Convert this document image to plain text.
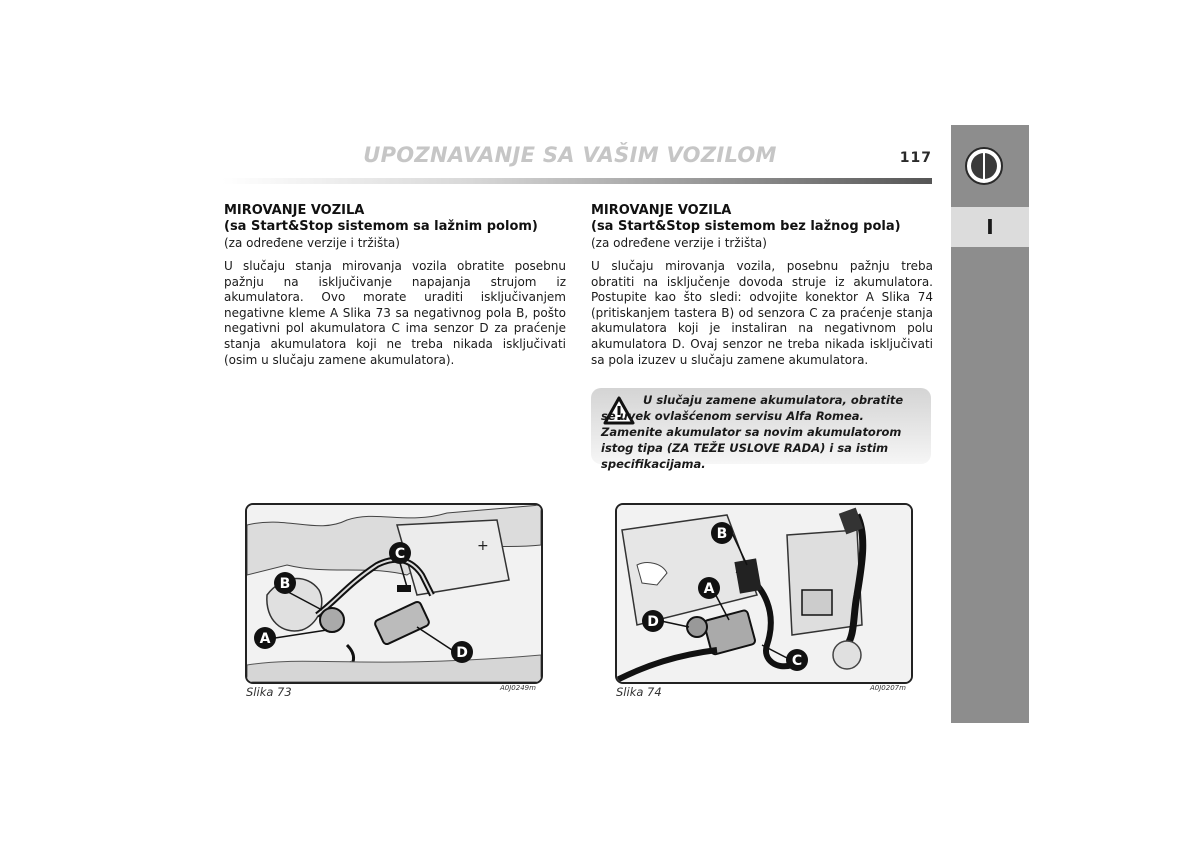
UPOZNAVANJE SA VAŠIM VOZILOM	117
I

MIROVANJE VOZILA

(sa Start&Stop sistemom sa lažnim polom)

(za određene verzije i tržišta)

U slučaju stanja mirovanja vozila obratite posebnu pažnju na isključivanje napajanja strujom iz akumulatora. Ovo morate uraditi isključivanjem negativne kleme A Slika 73 sa negativnog pola B, pošto negativni pol akumulatora C ima senzor D za praćenje stanja akumulatora koji ne treba nikada isključivati (osim u slučaju zamene akumulatora).

MIROVANJE VOZILA

(sa Start&Stop sistemom bez lažnog pola)

(za određene verzije i tržišta)

U slučaju mirovanja vozila, posebnu pažnju treba obratiti na isključenje dovoda struje iz akumulatora. Postupite kao što sledi: odvojite konektor A Slika 74 (pritiskanjem tastera B) od senzora C za praćenje stanja akumulatora koji je instaliran na negativnom polu akumulatora D. Ovaj senzor ne treba nikada isključivati sa pola izuzev u slučaju zamene akumulatora.

U slučaju zamene akumulatora, obratite se uvek ovlašćenom servisu Alfa Romea. Zamenite akumulator sa novim akumulatorom istog tipa (ZA TEŽE USLOVE RADA) i sa istim specifikacijama.

+
A
B
C
D
Slika 73	A0J0249m
B
A
D
C
Slika 74	A0J0207m
